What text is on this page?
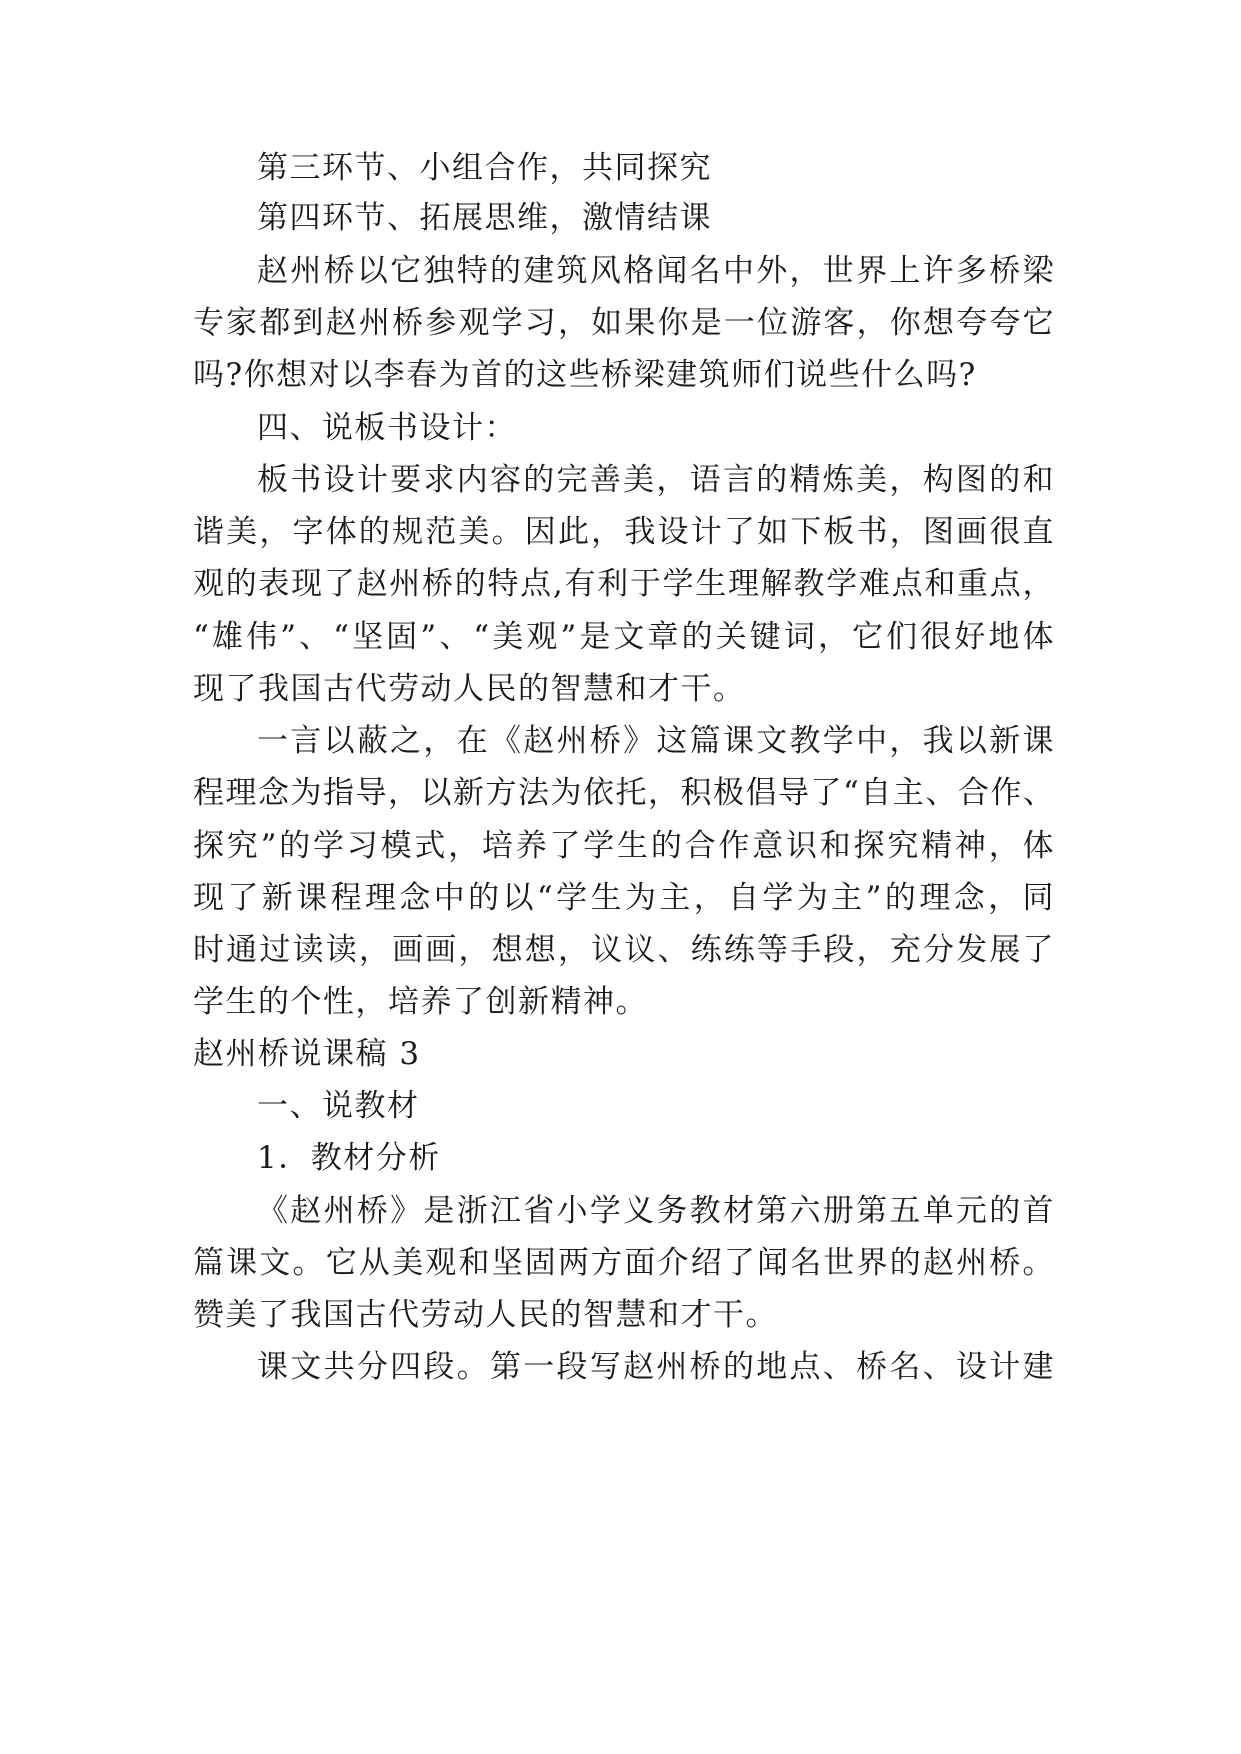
第三环节、小组合作，共同探究
第四环节、拓展思维，激情结课
赵州桥以它独特的建筑风格闻名中外，世界上许多桥梁
专家都到赵州桥参观学习，如果你是一位游客，你想夸夸它
吗?你想对以李春为首的这些桥梁建筑师们说些什么吗?
四、说板书设计：
板书设计要求内容的完善美，语言的精炼美，构图的和
谐美，字体的规范美。因此，我设计了如下板书，图画很直
观的表现了赵州桥的特点,有利于学生理解教学难点和重点，
“雄伟”、“坚固”、“美观”是文章的关键词，它们很好地体
现了我国古代劳动人民的智慧和才干。
一言以蔽之，在《赵州桥》这篇课文教学中，我以新课
程理念为指导，以新方法为依托，积极倡导了“自主、合作、
探究”的学习模式，培养了学生的合作意识和探究精神，体
现了新课程理念中的以“学生为主，自学为主”的理念，同
时通过读读，画画，想想，议议、练练等手段，充分发展了
学生的个性，培养了创新精神。
赵州桥说课稿 3
一、说教材
1．教材分析
《赵州桥》是浙江省小学义务教材第六册第五单元的首
篇课文。它从美观和坚固两方面介绍了闻名世界的赵州桥。
赞美了我国古代劳动人民的智慧和才干。
课文共分四段。第一段写赵州桥的地点、桥名、设计建
